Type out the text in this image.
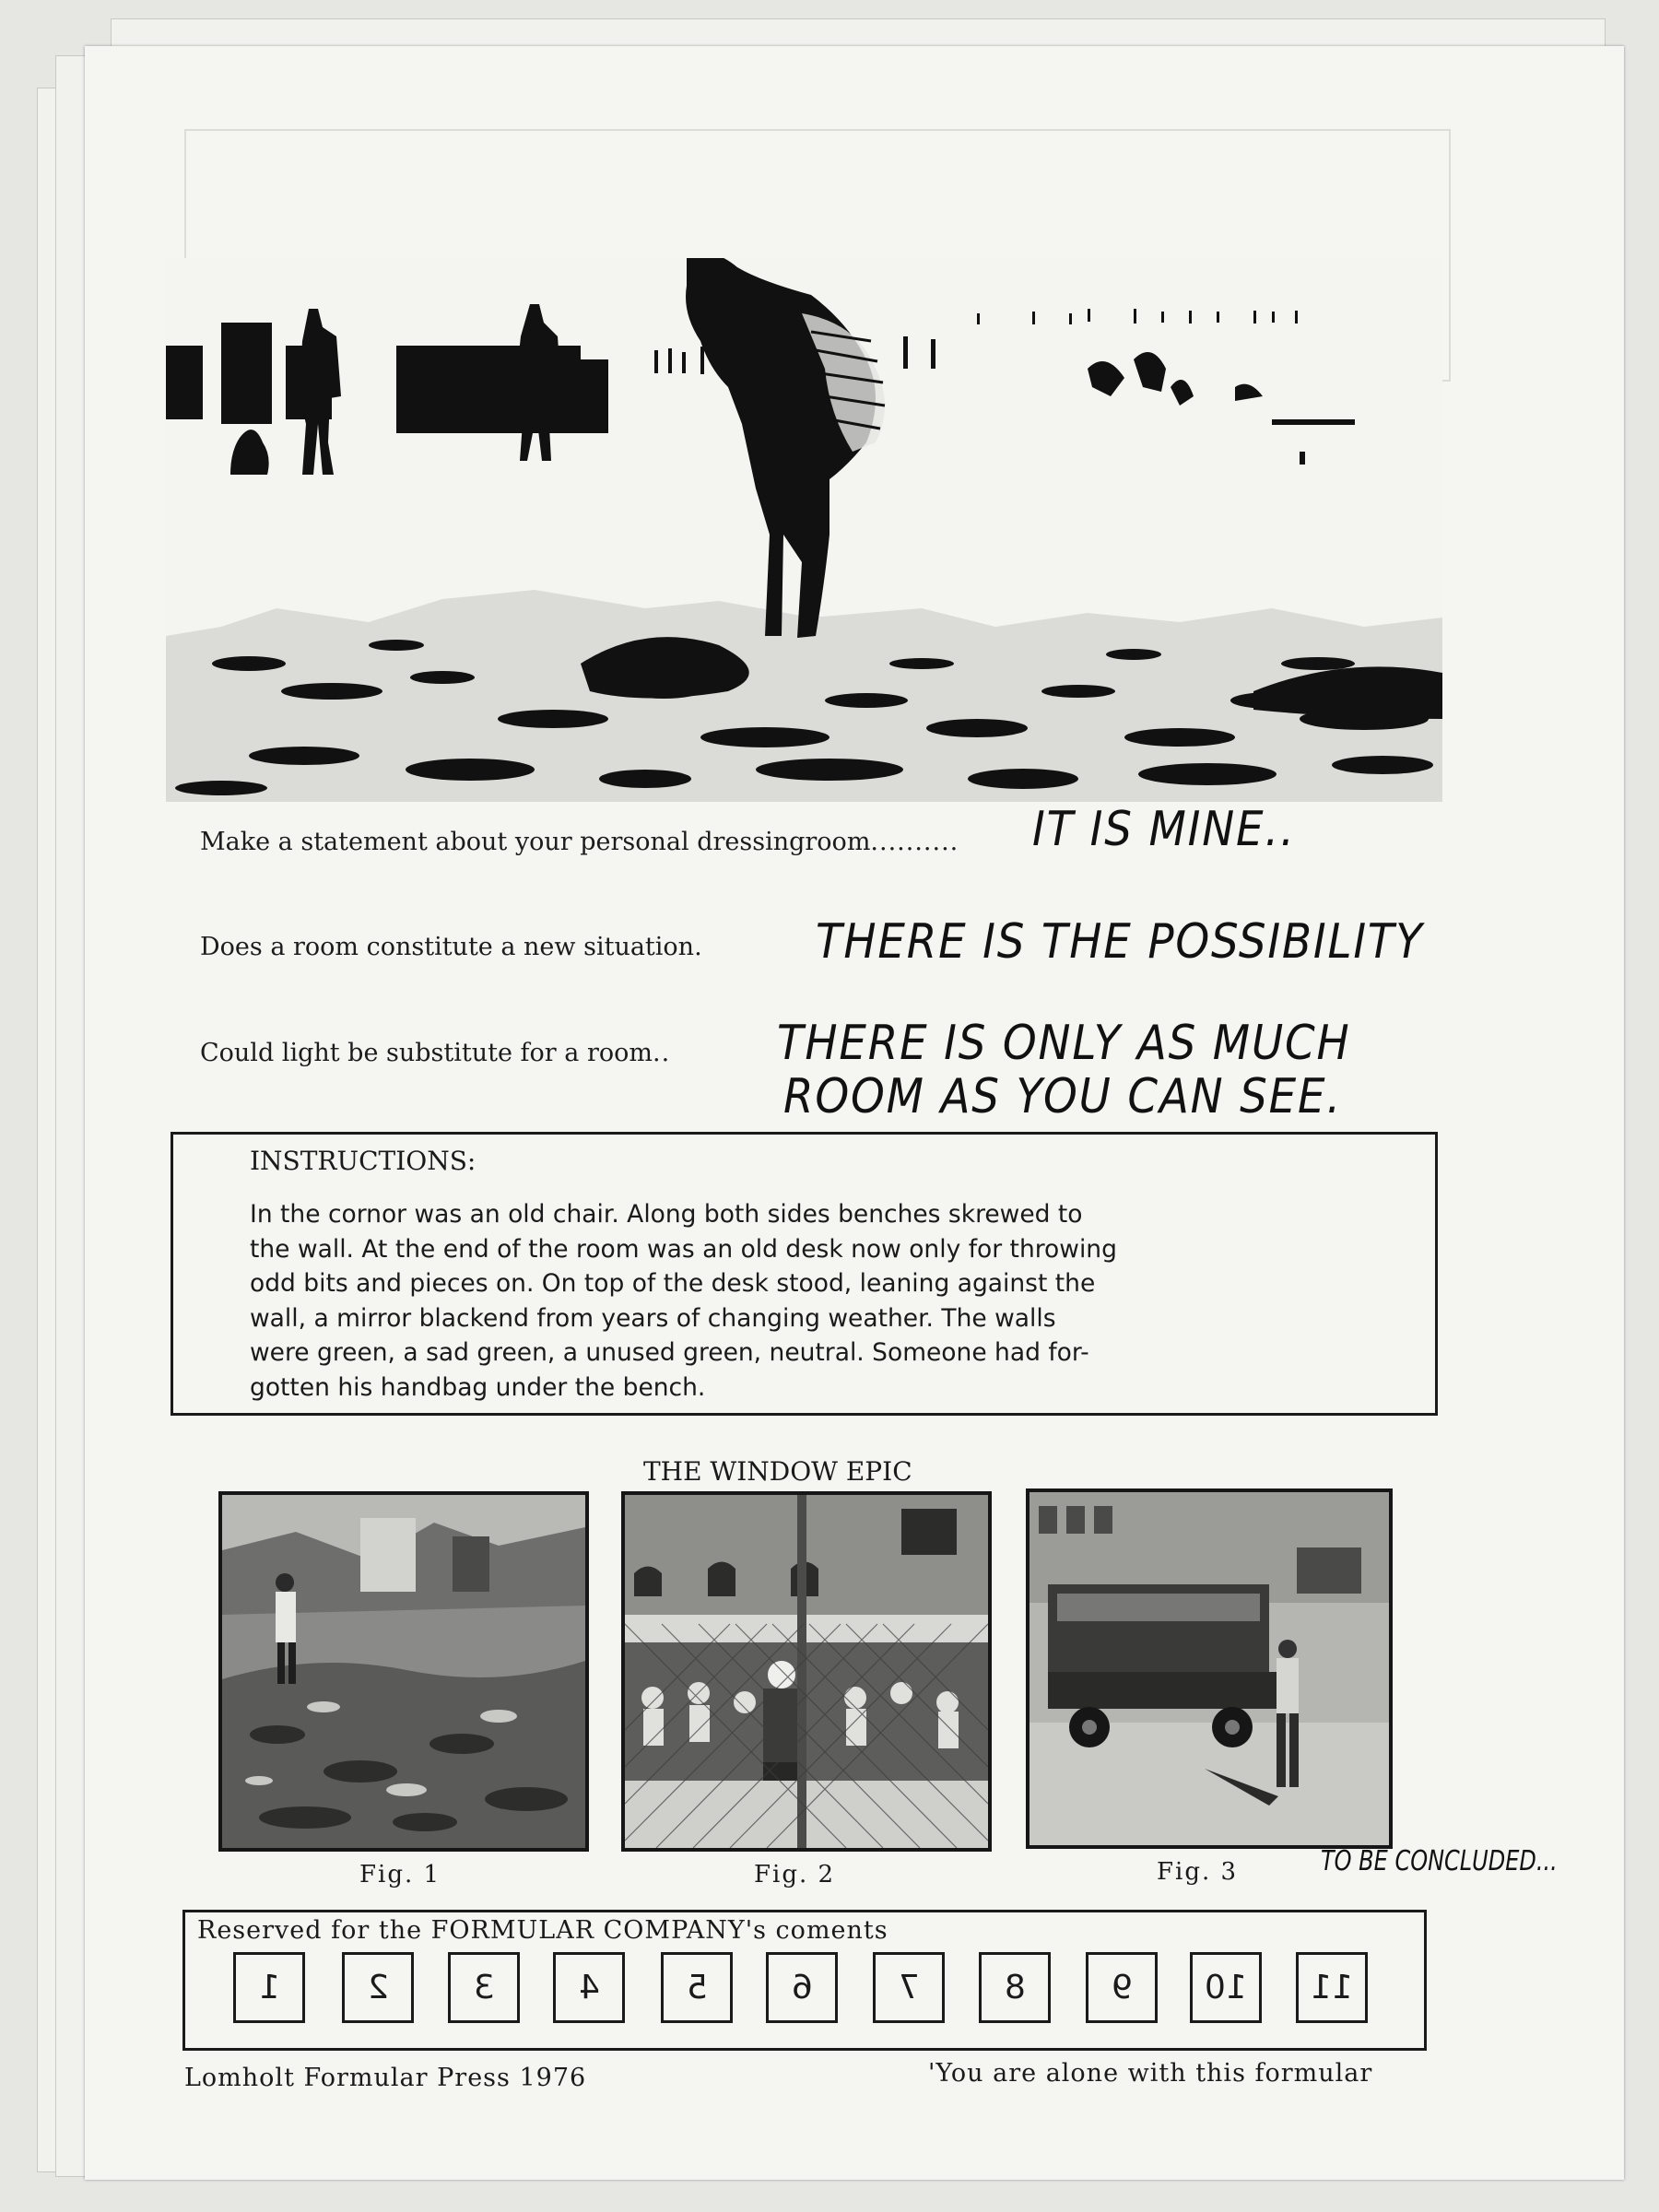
Make a statement about your personal dressingroom.......... IT IS MINE..
Does a room constitute a new situation. THERE IS THE POSSIBILITY
Could light be substitute for a room.. THERE IS ONLY AS MUCH
ROOM AS YOU CAN SEE.
INSTRUCTIONS:
In the cornor was an old chair. Along both sides benches skrewed to
the wall. At the end of the room was an old desk now only for throwing
odd bits and pieces on. On top of the desk stood, leaning against the
wall, a mirror blackend from years of changing weather. The walls
were green, a sad green, a unused green, neutral. Someone had for-
gotten his handbag under the bench.
THE WINDOW EPIC
Fig. 1	Fig. 2	Fig. 3	TO BE CONCLUDED...
Reserved for the FORMULAR COMPANY's coments
1	2	3	4	5	6	7	8	9 10 11
Lomholt Formular Press 1976	'You are alone with this formular
